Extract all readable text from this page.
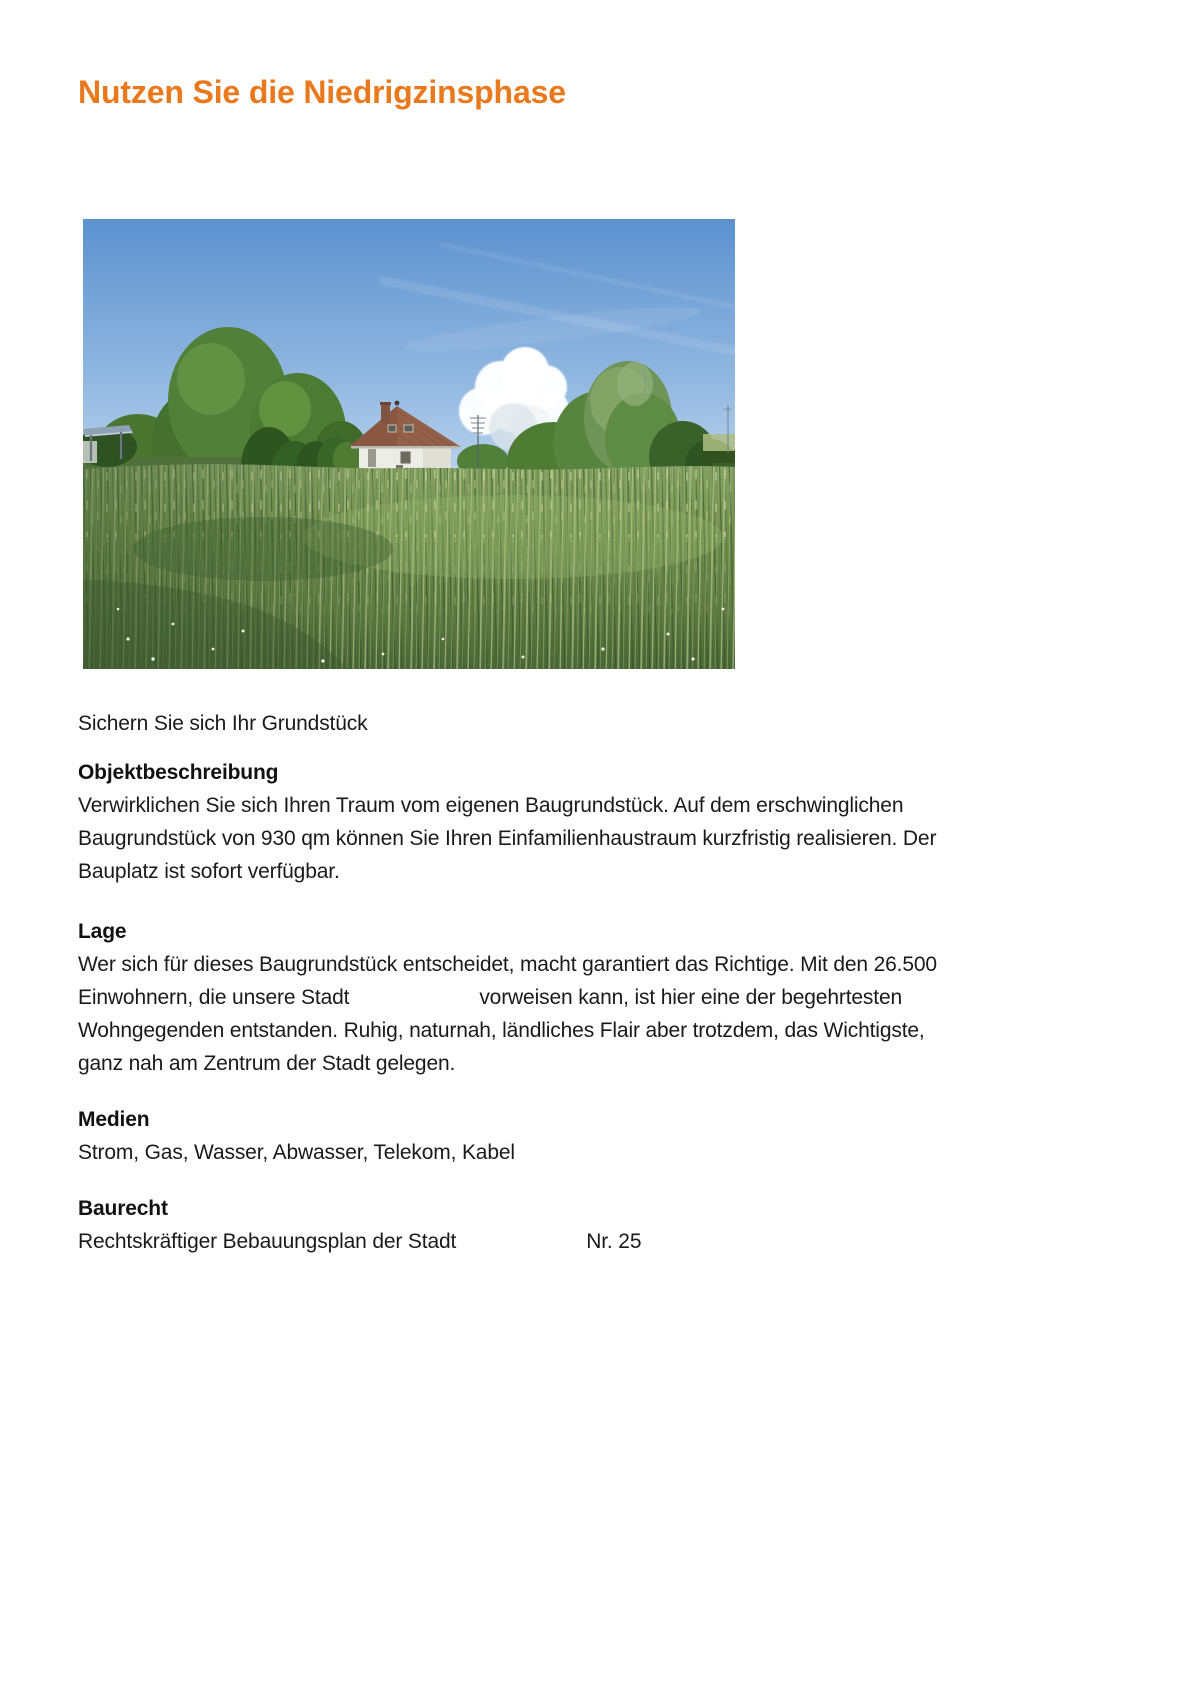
Nutzen Sie die Niedrigzinsphase

Sichern Sie sich Ihr Grundstück

Objektbeschreibung
Verwirklichen Sie sich Ihren Traum vom eigenen Baugrundstück. Auf dem erschwinglichen
Baugrundstück von 930 qm können Sie Ihren Einfamilienhaustraum kurzfristig realisieren. Der
Bauplatz ist sofort verfügbar.
Lage
Wer sich für dieses Baugrundstück entscheidet, macht garantiert das Richtige. Mit den 26.500
Einwohnern, die unsere Stadt	vorweisen kann, ist hier eine der begehrtesten
Wohngegenden entstanden. Ruhig, naturnah, ländliches Flair aber trotzdem, das Wichtigste,
ganz nah am Zentrum der Stadt gelegen.
Medien
Strom, Gas, Wasser, Abwasser, Telekom, Kabel
Baurecht
Rechtskräftiger Bebauungsplan der Stadt	Nr. 25
